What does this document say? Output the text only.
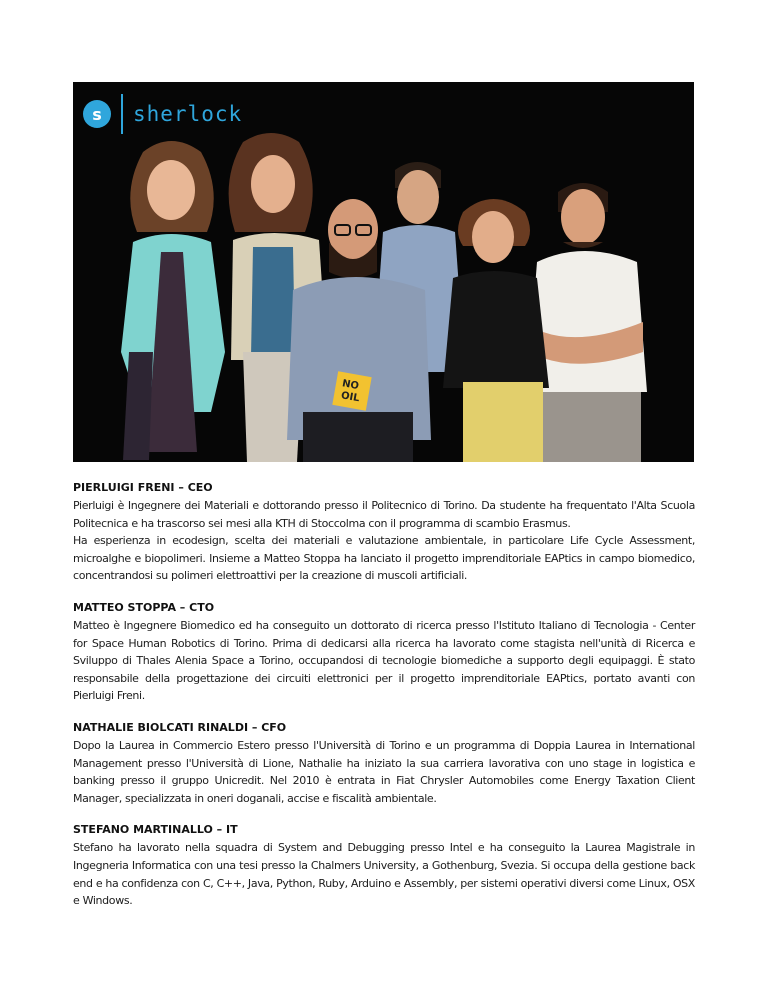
NO
OIL
s	sherlock
PIERLUIGI FRENI – CEO

Pierluigi è Ingegnere dei Materiali e dottorando presso il Politecnico di Torino. Da studente ha frequentato l'Alta Scuola Politecnica e ha trascorso sei mesi alla KTH di Stoccolma con il programma di scambio Erasmus.

Ha esperienza in ecodesign, scelta dei materiali e valutazione ambientale, in particolare Life Cycle Assessment, microalghe e biopolimeri. Insieme a Matteo Stoppa ha lanciato il progetto imprenditoriale EAPtics in campo biomedico, concentrandosi su polimeri elettroattivi per la creazione di muscoli artificiali.

MATTEO STOPPA – CTO

Matteo è Ingegnere Biomedico ed ha conseguito un dottorato di ricerca presso l'Istituto Italiano di Tecnologia - Center for Space Human Robotics di Torino. Prima di dedicarsi alla ricerca ha lavorato come stagista nell'unità di Ricerca e Sviluppo di Thales Alenia Space a Torino, occupandosi di tecnologie biomediche a supporto degli equipaggi. È stato responsabile della progettazione dei circuiti elettronici per il progetto imprenditoriale EAPtics, portato avanti con Pierluigi Freni.

NATHALIE BIOLCATI RINALDI – CFO

Dopo la Laurea in Commercio Estero presso l'Università di Torino e un programma di Doppia Laurea in International Management presso l'Università di Lione, Nathalie ha iniziato la sua carriera lavorativa con uno stage in logistica e banking presso il gruppo Unicredit. Nel 2010 è entrata in Fiat Chrysler Automobiles come Energy Taxation Client Manager, specializzata in oneri doganali, accise e fiscalità ambientale.

STEFANO MARTINALLO – IT

Stefano ha lavorato nella squadra di System and Debugging presso Intel e ha conseguito la Laurea Magistrale in Ingegneria Informatica con una tesi presso la Chalmers University, a Gothenburg, Svezia. Si occupa della gestione back end e ha confidenza con C, C++, Java, Python, Ruby, Arduino e Assembly, per sistemi operativi diversi come Linux, OSX e Windows.
